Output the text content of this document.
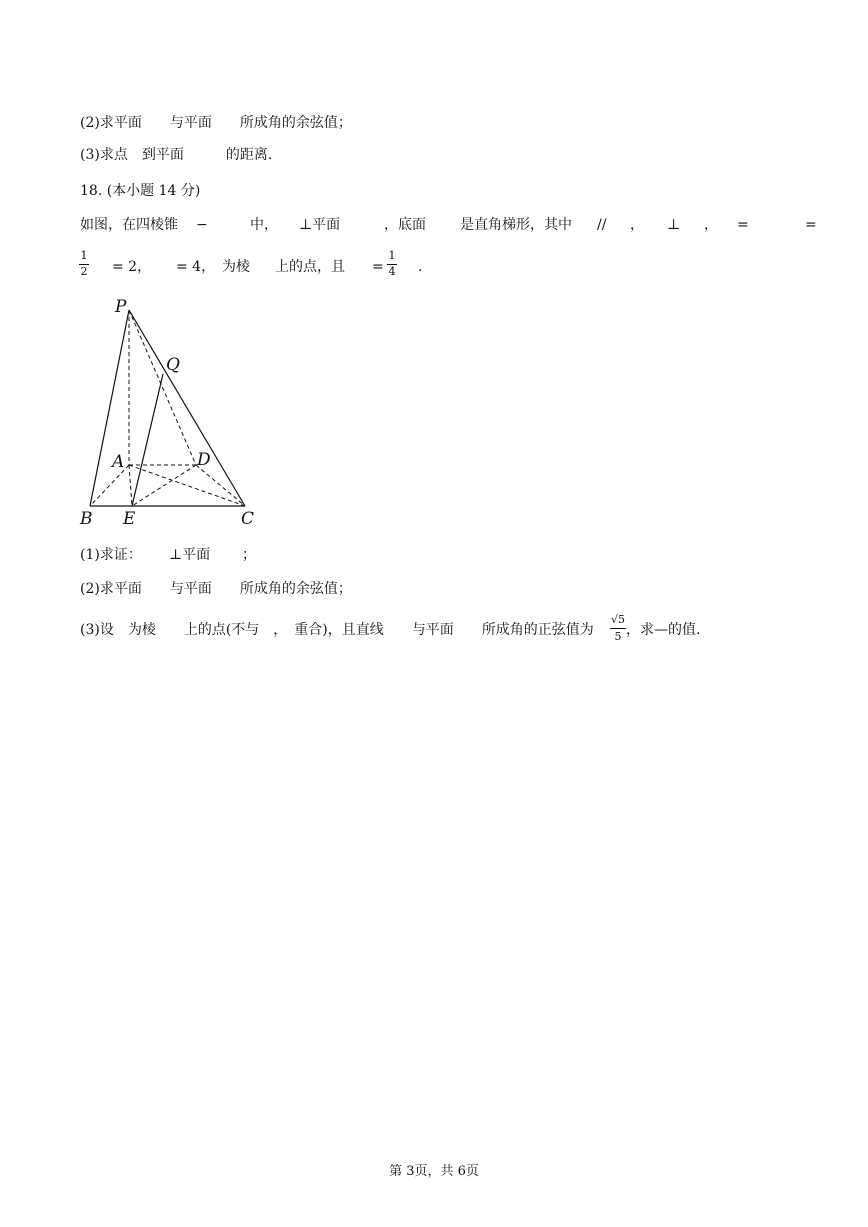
(2)求平面　　与平面　　所成角的余弦值；
(3)求点　到平面　　　的距离.
18. (本小题 14 分)
如图，在四棱锥 −	中， ⊥平面	，底面 是直角梯形，其中 // ， ⊥ ， =	=
1
2 = 2， = 4， 为棱 上的点，且 =
1
4 .
P
Q
A	D
B E	C
(1)求证： ⊥平面 ；
(2)求平面　　与平面　　所成角的余弦值；
(3)设　为棱　　上的点(不与　，　重合)，且直线　　与平面　　所成角的正弦值为
√5
5 ，求—的值.
第 3页，共 6页
